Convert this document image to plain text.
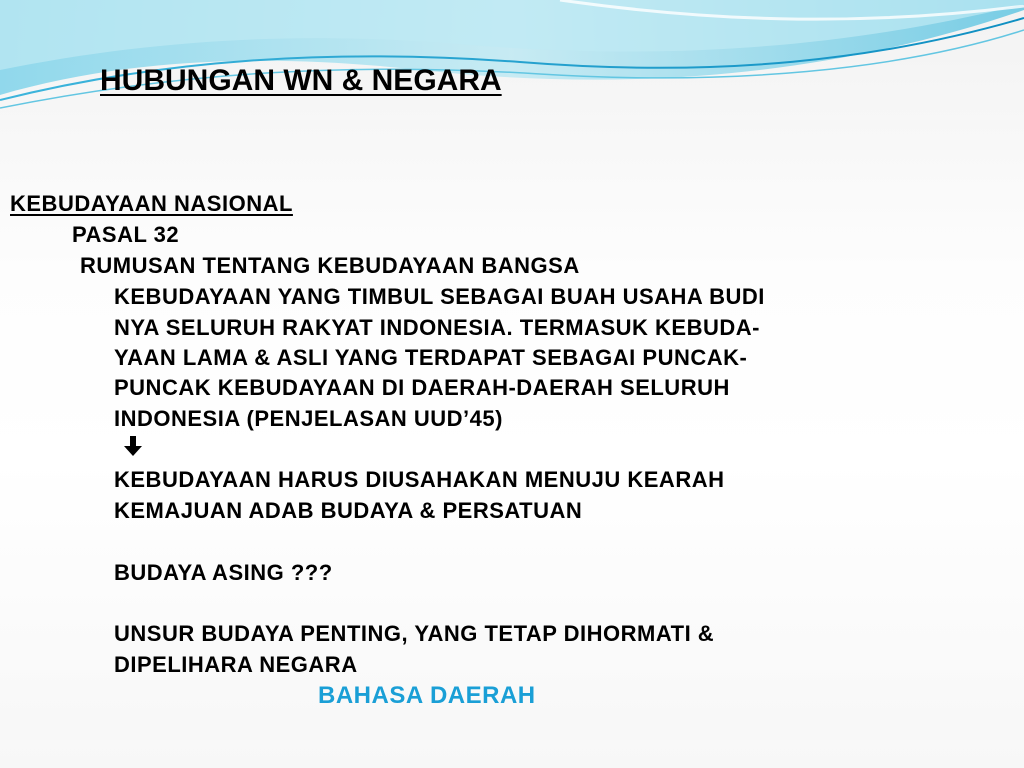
HUBUNGAN WN & NEGARA
KEBUDAYAAN NASIONAL
PASAL 32
RUMUSAN TENTANG KEBUDAYAAN BANGSA
KEBUDAYAAN YANG TIMBUL SEBAGAI BUAH USAHA BUDI
NYA SELURUH RAKYAT INDONESIA. TERMASUK KEBUDA-
YAAN LAMA & ASLI YANG TERDAPAT SEBAGAI PUNCAK-
PUNCAK KEBUDAYAAN DI DAERAH-DAERAH SELURUH
INDONESIA (PENJELASAN UUD’45)
KEBUDAYAAN HARUS DIUSAHAKAN MENUJU KEARAH
KEMAJUAN ADAB BUDAYA & PERSATUAN
BUDAYA ASING ???
UNSUR BUDAYA PENTING, YANG TETAP DIHORMATI &
DIPELIHARA NEGARA
BAHASA DAERAH
